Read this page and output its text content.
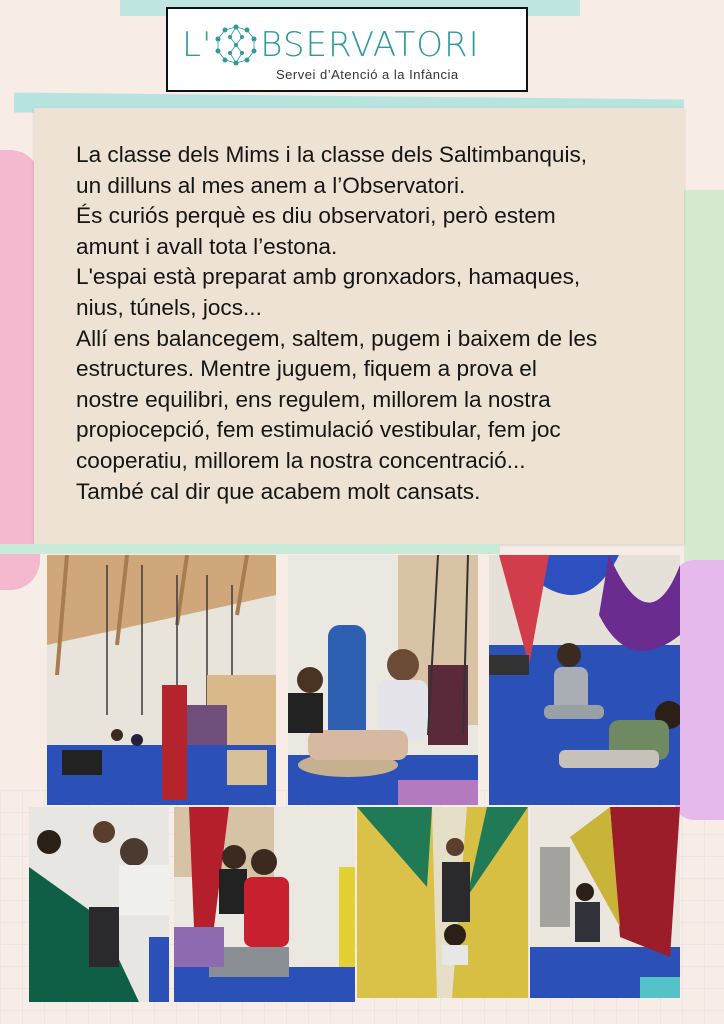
L' BSERVATORI
Servei d’Atenció a la Infància

La classe dels Mims i la classe dels Saltimbanquis,
un dilluns al mes anem a l’Observatori.
És curiós perquè es diu observatori, però estem
amunt i avall tota l’estona.
L'espai està preparat amb gronxadors, hamaques,
nius, túnels, jocs...
Allí ens balancegem, saltem, pugem i baixem de les
estructures. Mentre juguem, fiquem a prova el
nostre equilibri, ens regulem, millorem la nostra
propiocepció, fem estimulació vestibular, fem joc
cooperatiu, millorem la nostra concentració...
També cal dir que acabem molt cansats.
